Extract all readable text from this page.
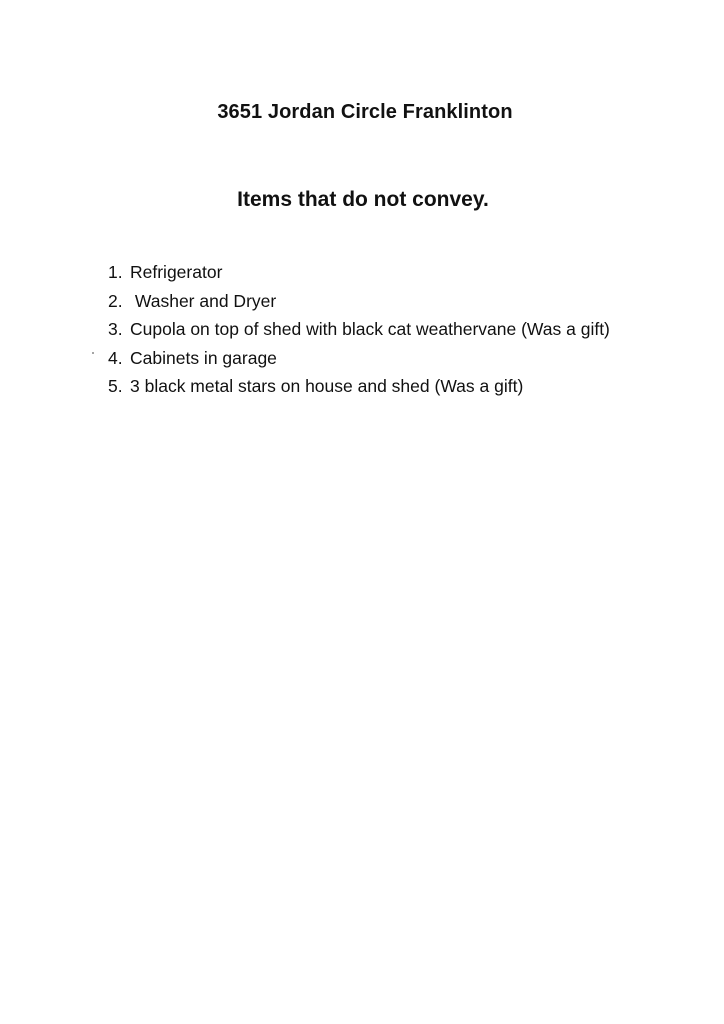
3651 Jordan Circle Franklinton
Items that do not convey.
1. Refrigerator
2. Washer and Dryer
3. Cupola on top of shed with black cat weathervane (Was a gift)
4. Cabinets in garage
5. 3 black metal stars on house and shed (Was a gift)
